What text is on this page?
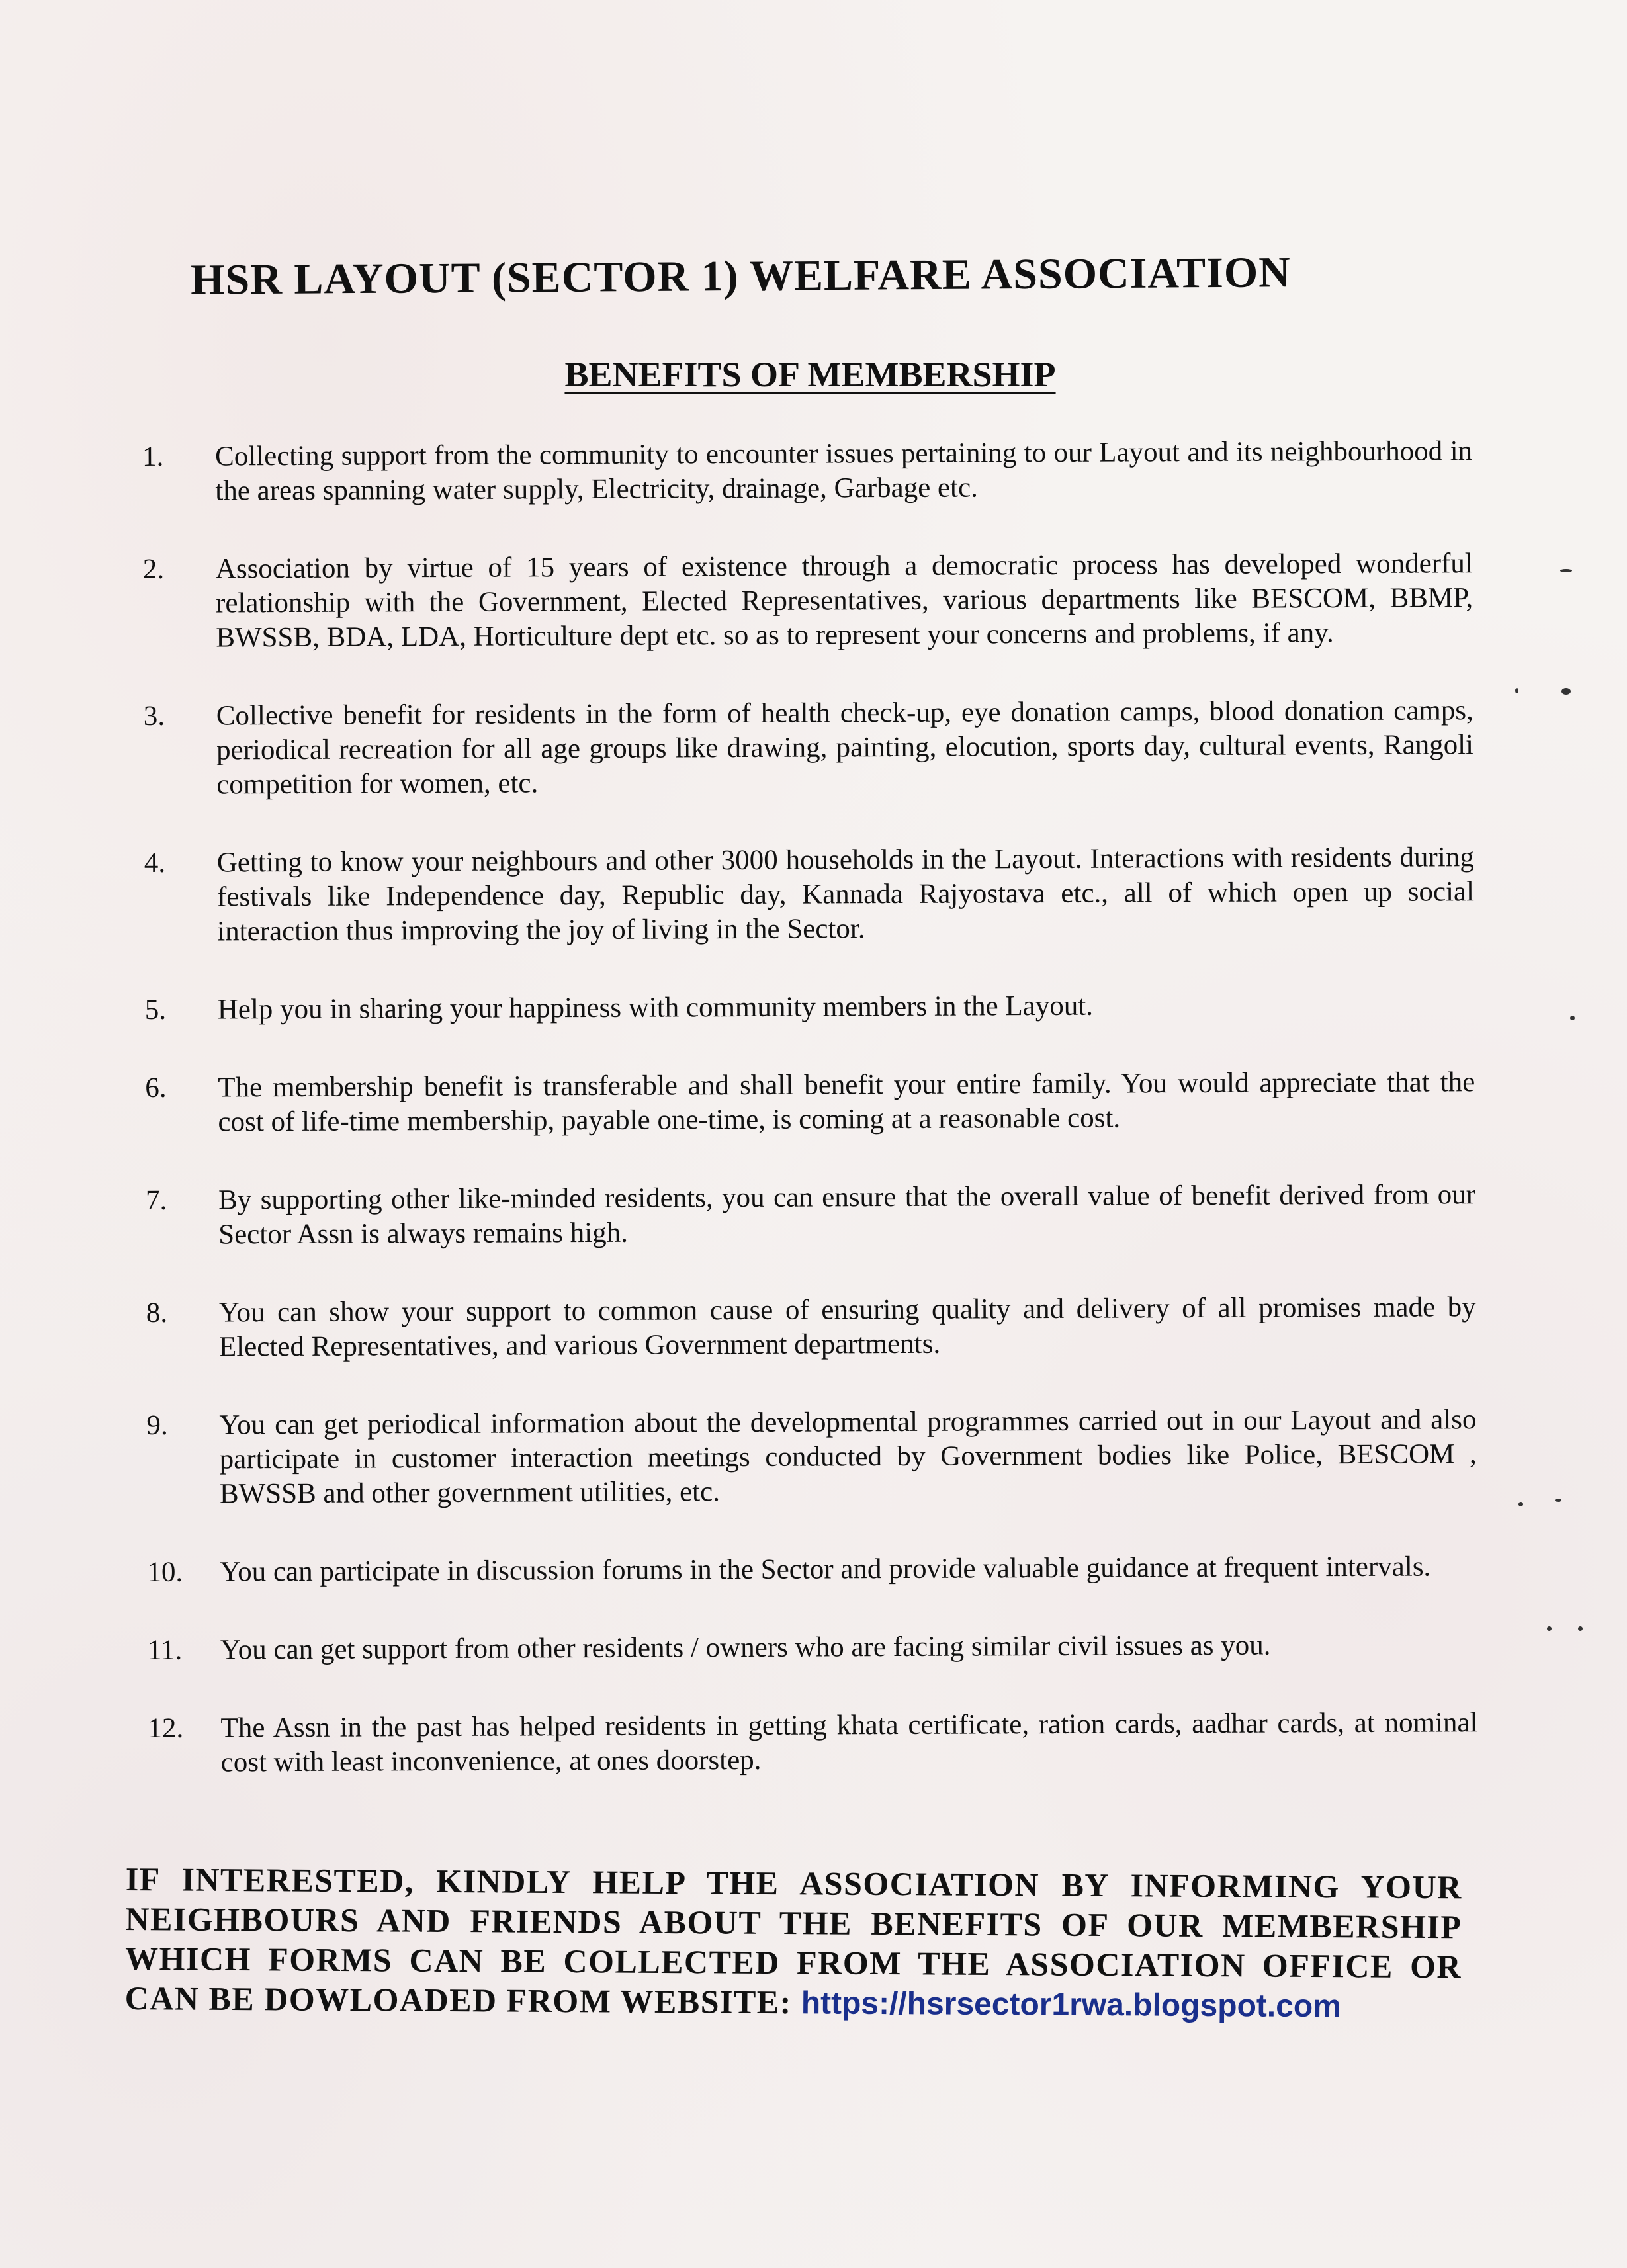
HSR LAYOUT (SECTOR 1) WELFARE ASSOCIATION
BENEFITS OF MEMBERSHIP
1.	Collecting support from the community to encounter issues pertaining to our Layout and its neighbourhood in the areas spanning water supply, Electricity, drainage, Garbage etc.
2.	Association by virtue of 15 years of existence through a democratic process has developed wonderful relationship with the Government, Elected Representatives, various departments like BESCOM, BBMP, BWSSB, BDA, LDA, Horticulture dept etc. so as to represent your concerns and problems, if any.
3.	Collective benefit for residents in the form of health check-up, eye donation camps, blood donation camps, periodical recreation for all age groups like drawing, painting, elocution, sports day, cultural events, Rangoli competition for women, etc.
4.	Getting to know your neighbours and other 3000 households in the Layout. Interactions with residents during festivals like Independence day, Republic day, Kannada Rajyostava etc., all of which open up social interaction thus improving the joy of living in the Sector.
5.	Help you in sharing your happiness with community members in the Layout.
6.	The membership benefit is transferable and shall benefit your entire family. You would appreciate that the cost of life-time membership, payable one-time, is coming at a reasonable cost.
7.	By supporting other like-minded residents, you can ensure that the overall value of benefit derived from our Sector Assn is always remains high.
8.	You can show your support to common cause of ensuring quality and delivery of all promises made by Elected Representatives, and various Government departments.
9.	You can get periodical information about the developmental programmes carried out in our Layout and also participate in customer interaction meetings conducted by Government bodies like Police, BESCOM , BWSSB and other government utilities, etc.
10.	You can participate in discussion forums in the Sector and provide valuable guidance at frequent intervals.
11.	You can get support from other residents / owners who are facing similar civil issues as you.
12.	The Assn in the past has helped residents in getting khata certificate, ration cards, aadhar cards, at nominal cost with least inconvenience, at ones doorstep.
IF INTERESTED, KINDLY HELP THE ASSOCIATION BY INFORMING YOUR NEIGHBOURS AND FRIENDS ABOUT THE BENEFITS OF OUR MEMBERSHIP WHICH FORMS CAN BE COLLECTED FROM THE ASSOCIATION OFFICE OR CAN BE DOWLOADED FROM WEBSITE: https://hsrsector1rwa.blogspot.com
